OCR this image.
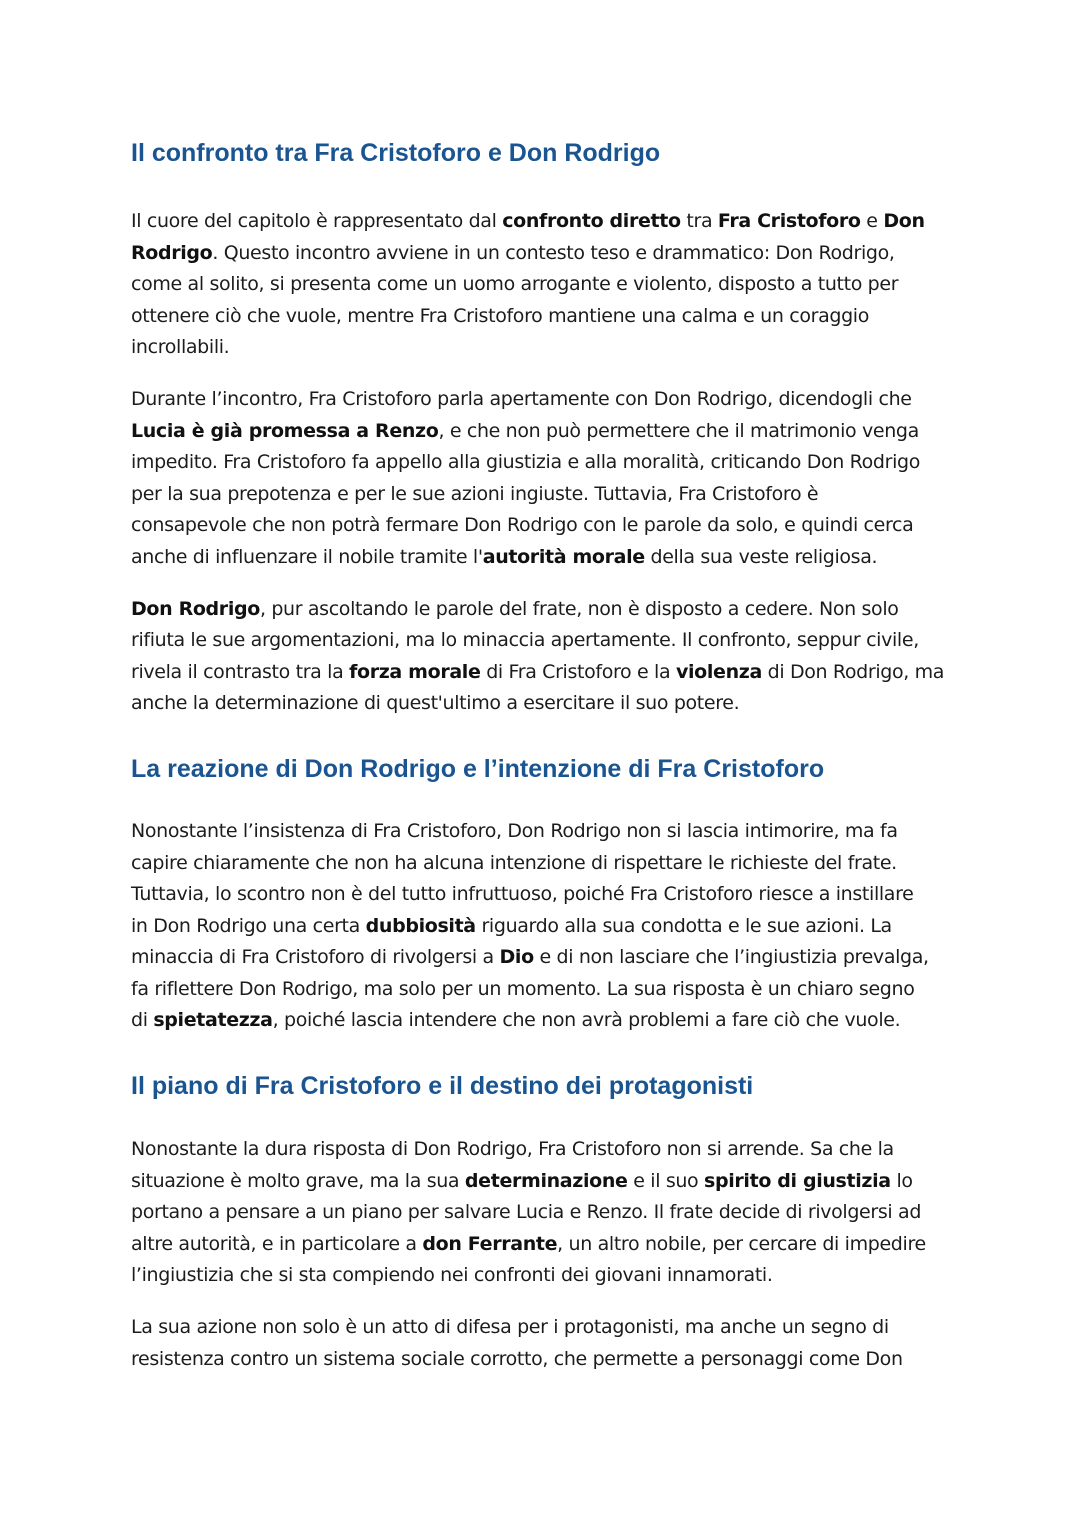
Il confronto tra Fra Cristoforo e Don Rodrigo

Il cuore del capitolo è rappresentato dal confronto diretto tra Fra Cristoforo e Don
Rodrigo. Questo incontro avviene in un contesto teso e drammatico: Don Rodrigo,
come al solito, si presenta come un uomo arrogante e violento, disposto a tutto per
ottenere ciò che vuole, mentre Fra Cristoforo mantiene una calma e un coraggio
incrollabili.

Durante l’incontro, Fra Cristoforo parla apertamente con Don Rodrigo, dicendogli che
Lucia è già promessa a Renzo, e che non può permettere che il matrimonio venga
impedito. Fra Cristoforo fa appello alla giustizia e alla moralità, criticando Don Rodrigo
per la sua prepotenza e per le sue azioni ingiuste. Tuttavia, Fra Cristoforo è
consapevole che non potrà fermare Don Rodrigo con le parole da solo, e quindi cerca
anche di influenzare il nobile tramite l'autorità morale della sua veste religiosa.

Don Rodrigo, pur ascoltando le parole del frate, non è disposto a cedere. Non solo
rifiuta le sue argomentazioni, ma lo minaccia apertamente. Il confronto, seppur civile,
rivela il contrasto tra la forza morale di Fra Cristoforo e la violenza di Don Rodrigo, ma
anche la determinazione di quest'ultimo a esercitare il suo potere.

La reazione di Don Rodrigo e l’intenzione di Fra Cristoforo

Nonostante l’insistenza di Fra Cristoforo, Don Rodrigo non si lascia intimorire, ma fa
capire chiaramente che non ha alcuna intenzione di rispettare le richieste del frate.
Tuttavia, lo scontro non è del tutto infruttuoso, poiché Fra Cristoforo riesce a instillare
in Don Rodrigo una certa dubbiosità riguardo alla sua condotta e le sue azioni. La
minaccia di Fra Cristoforo di rivolgersi a Dio e di non lasciare che l’ingiustizia prevalga,
fa riflettere Don Rodrigo, ma solo per un momento. La sua risposta è un chiaro segno
di spietatezza, poiché lascia intendere che non avrà problemi a fare ciò che vuole.

Il piano di Fra Cristoforo e il destino dei protagonisti

Nonostante la dura risposta di Don Rodrigo, Fra Cristoforo non si arrende. Sa che la
situazione è molto grave, ma la sua determinazione e il suo spirito di giustizia lo
portano a pensare a un piano per salvare Lucia e Renzo. Il frate decide di rivolgersi ad
altre autorità, e in particolare a don Ferrante, un altro nobile, per cercare di impedire
l’ingiustizia che si sta compiendo nei confronti dei giovani innamorati.

La sua azione non solo è un atto di difesa per i protagonisti, ma anche un segno di
resistenza contro un sistema sociale corrotto, che permette a personaggi come Don
